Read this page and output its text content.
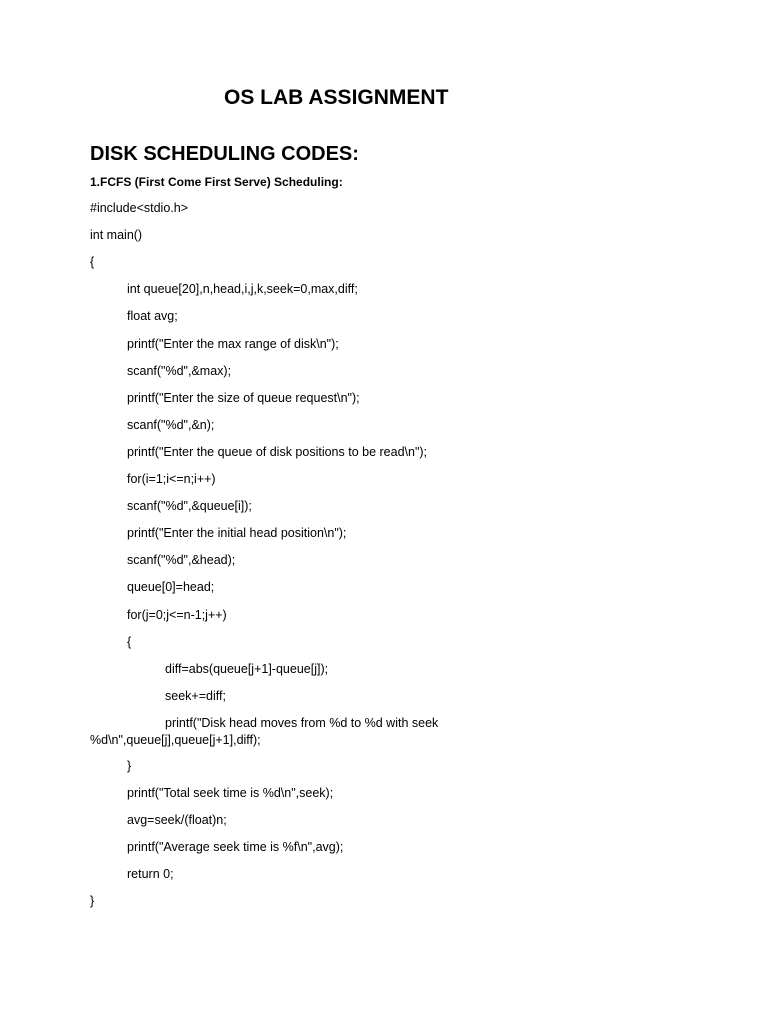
OS LAB ASSIGNMENT
DISK SCHEDULING CODES:
1.FCFS (First Come First Serve) Scheduling:
#include<stdio.h>
int main()
{
int queue[20],n,head,i,j,k,seek=0,max,diff;
float avg;
printf("Enter the max range of disk\n");
scanf("%d",&max);
printf("Enter the size of queue request\n");
scanf("%d",&n);
printf("Enter the queue of disk positions to be read\n");
for(i=1;i<=n;i++)
scanf("%d",&queue[i]);
printf("Enter the initial head position\n");
scanf("%d",&head);
queue[0]=head;
for(j=0;j<=n-1;j++)
{
diff=abs(queue[j+1]-queue[j]);
seek+=diff;
printf("Disk head moves from %d to %d with seek
%d\n",queue[j],queue[j+1],diff);
}
printf("Total seek time is %d\n",seek);
avg=seek/(float)n;
printf("Average seek time is %f\n",avg);
return 0;
}
